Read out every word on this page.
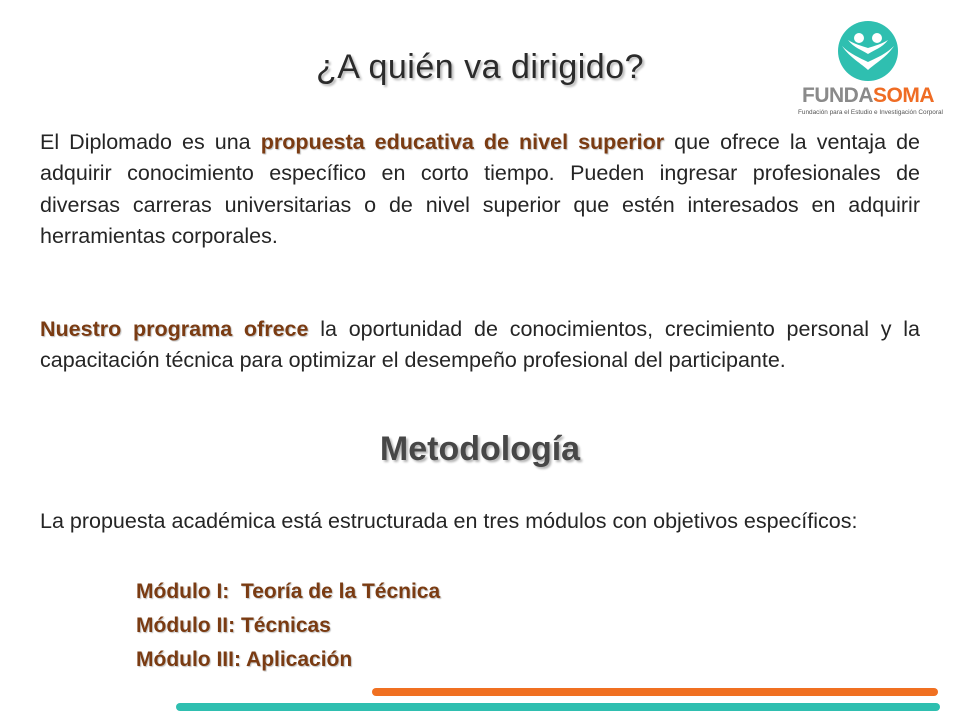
¿A quién va dirigido?
FUNDASOMA
Fundación para el Estudio e Investigación Corporal
El Diplomado es una propuesta educativa de nivel superior que ofrece la ventaja de adquirir conocimiento específico en corto tiempo. Pueden ingresar profesionales de diversas carreras universitarias o de nivel superior que estén interesados en adquirir herramientas corporales.
Nuestro programa ofrece la oportunidad de conocimientos, crecimiento personal y la capacitación técnica para optimizar el desempeño profesional del participante.
Metodología
La propuesta académica está estructurada en tres módulos con objetivos específicos:
Módulo I:  Teoría de la Técnica
Módulo II: Técnicas
Módulo III: Aplicación
